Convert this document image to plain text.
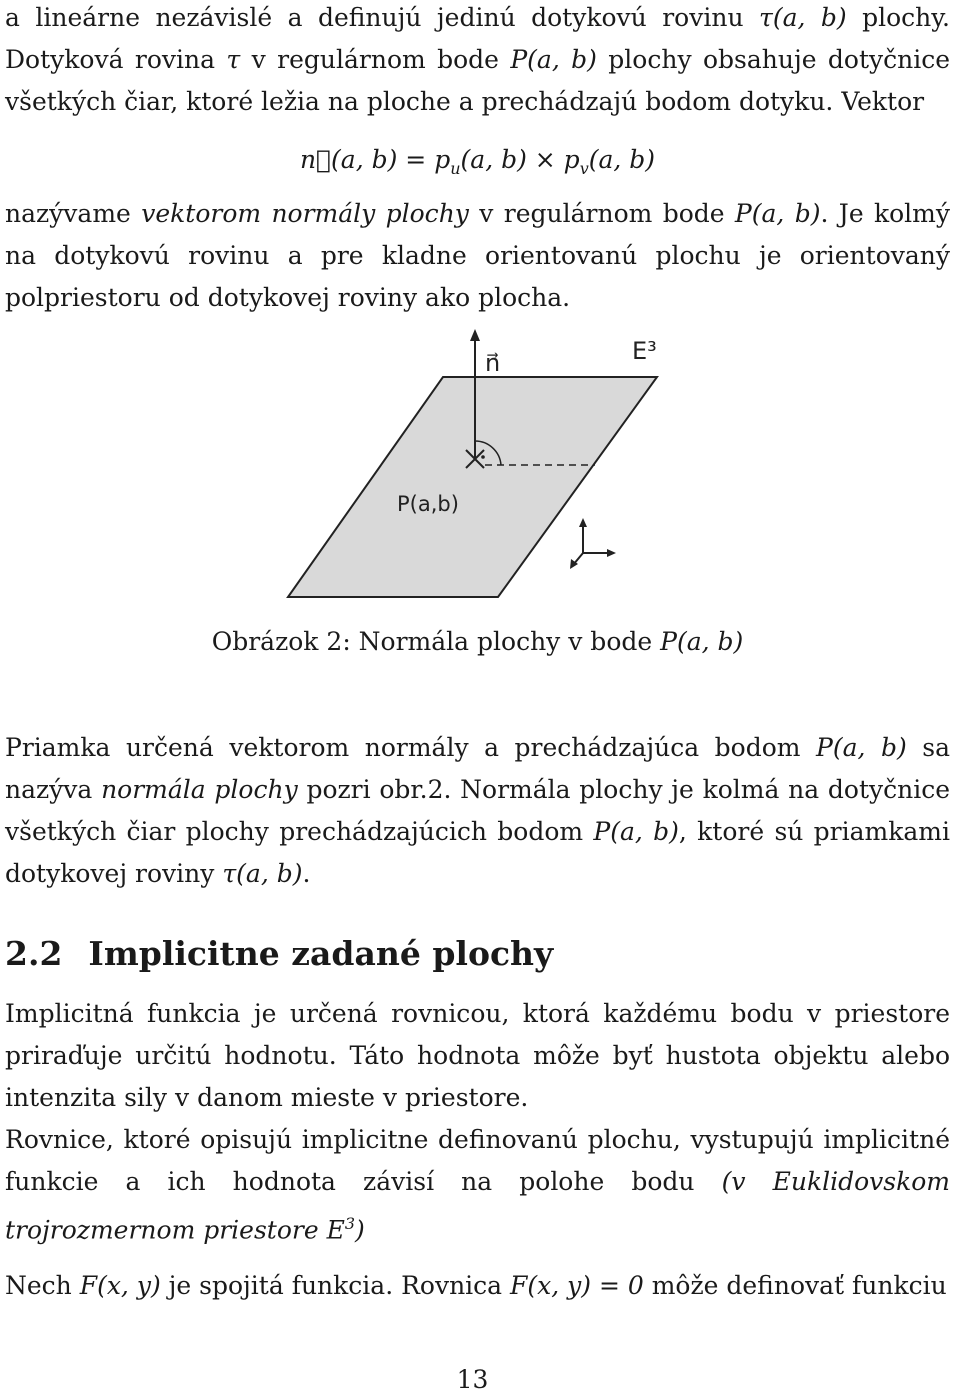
a lineárne nezávislé a definujú jedinú dotykovú rovinu τ(a, b) plochy. Dotyková rovina τ v regulárnom bode P(a, b) plochy obsahuje dotyčnice všetkých čiar, ktoré ležia na ploche a prechádzajú bodom dotyku. Vektor

n⃗(a, $b) = p_u(a$, $b) \times p_v(a$, b)

nazývame vektorom normály plochy v regulárnom bode P(a, b). Je kolmý na dotykovú rovinu a pre kladne orientovanú plochu je orientovaný polpriestoru od dotykovej roviny ako plocha.

n⃗	E³
P(a,b)
Obrázok 2: Normála plochy v bode P(a, b)

Priamka určená vektorom normály a prechádzajúca bodom P(a, b) sa nazýva normála plochy pozri obr.2. Normála plochy je kolmá na dotyčnice všetkých čiar plochy prechádzajúcich bodom P(a, b), ktoré sú priamkami dotykovej roviny τ(a, b).

2.2 Implicitne zadané plochy

Implicitná funkcia je určená rovnicou, ktorá každému bodu v priestore priraďuje určitú hodnotu. Táto hodnota môže byť hustota objektu alebo intenzita sily v danom mieste v priestore.

Rovnice, ktoré opisujú implicitne definovanú plochu, vystupujú implicitné funkcie a ich hodnota závisí na polohe bodu (v Euklidovskom trojrozmernom priestore $E^3$)

Nech F(x, y) je spojitá funkcia. Rovnica F(x, y) = 0 môže definovať funkciu

13
